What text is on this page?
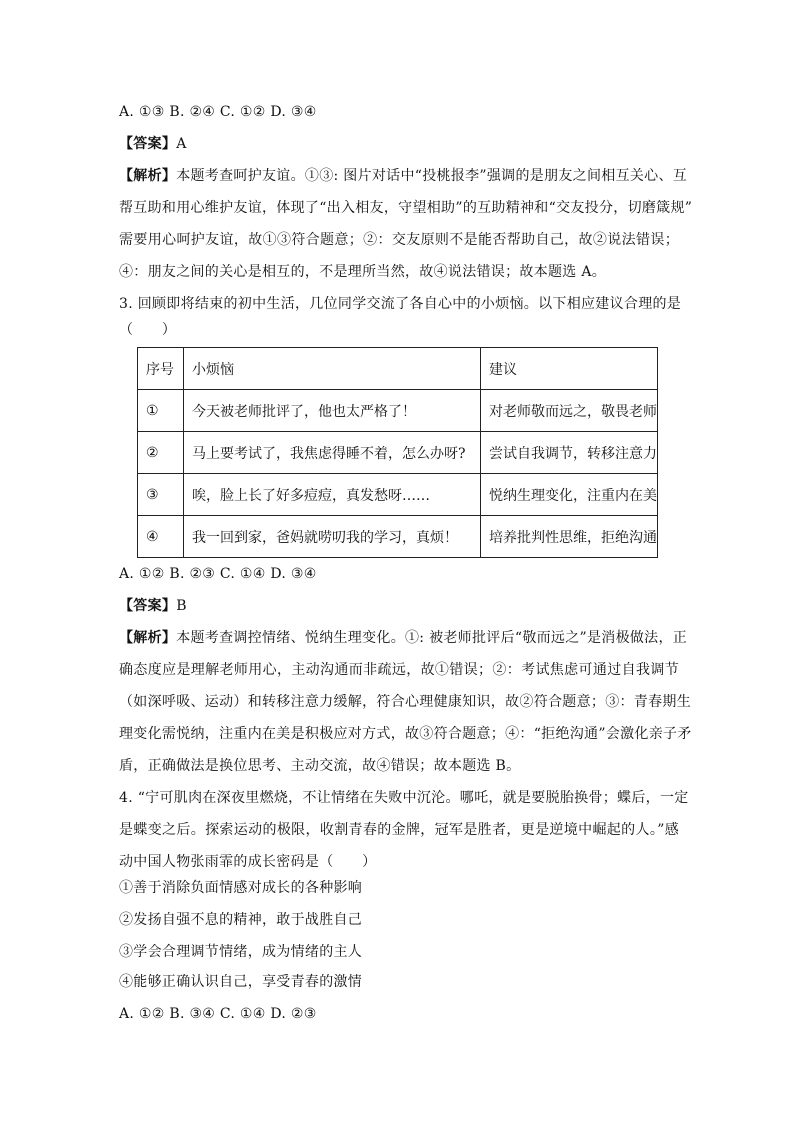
A. ①③ B. ②④ C. ①② D. ③④
【答案】A
【解析】本题考查呵护友谊。①③: 图片对话中“投桃报李”强调的是朋友之间相互关心、互
帮互助和用心维护友谊，体现了“出入相友，守望相助”的互助精神和“交友投分，切磨箴规”
需要用心呵护友谊，故①③符合题意；②：交友原则不是能否帮助自己，故②说法错误；
④：朋友之间的关心是相互的，不是理所当然，故④说法错误；故本题选 A。
3. 回顾即将结束的初中生活，几位同学交流了各自心中的小烦恼。以下相应建议合理的是
（　　）
序号	小烦恼	建议
①	今天被老师批评了，他也太严格了！	对老师敬而远之，敬畏老师
②	马上要考试了，我焦虑得睡不着，怎么办呀?	尝试自我调节，转移注意力
③	唉，脸上长了好多痘痘，真发愁呀……	悦纳生理变化，注重内在美
④	我一回到家，爸妈就唠叨我的学习，真烦！	培养批判性思维，拒绝沟通
A. ①② B. ②③ C. ①④ D. ③④
【答案】B
【解析】本题考查调控情绪、悦纳生理变化。①: 被老师批评后“敬而远之”是消极做法，正
确态度应是理解老师用心，主动沟通而非疏远，故①错误；②：考试焦虑可通过自我调节
（如深呼吸、运动）和转移注意力缓解，符合心理健康知识，故②符合题意；③：青春期生
理变化需悦纳，注重内在美是积极应对方式，故③符合题意；④：“拒绝沟通”会激化亲子矛
盾，正确做法是换位思考、主动交流，故④错误；故本题选 B。
4. “宁可肌肉在深夜里燃烧，不让情绪在失败中沉沦。哪吒，就是要脱胎换骨；蝶后，一定
是蝶变之后。探索运动的极限，收割青春的金牌，冠军是胜者，更是逆境中崛起的人。”感
动中国人物张雨霏的成长密码是（　　）
①善于消除负面情感对成长的各种影响
②发扬自强不息的精神，敢于战胜自己
③学会合理调节情绪，成为情绪的主人
④能够正确认识自己，享受青春的激情
A. ①② B. ③④ C. ①④ D. ②③
